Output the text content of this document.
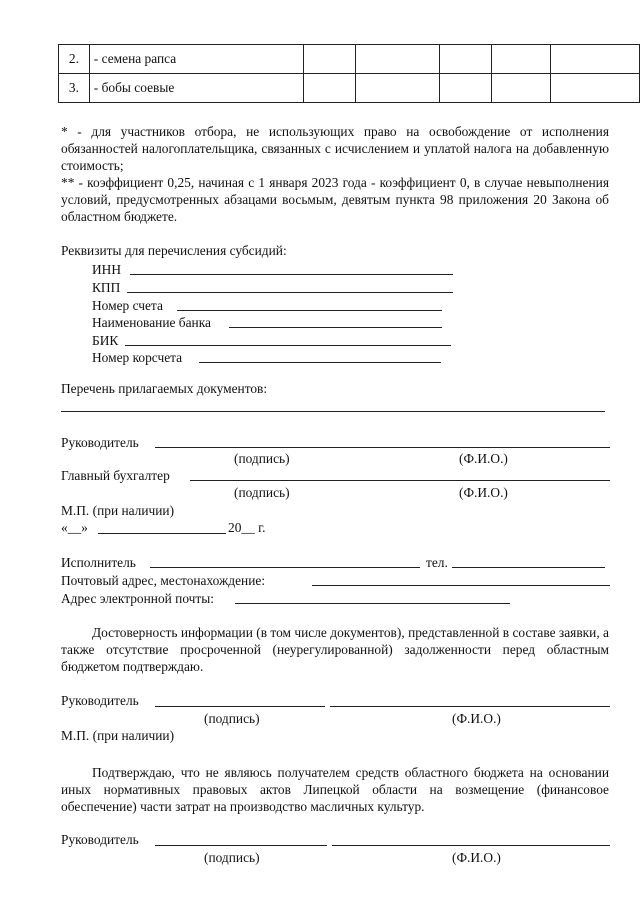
2.	- семена рапса					
3.	- бобы соевые					
* - для участников отбора, не использующих право на освобождение от исполнения обязанностей налогоплательщика, связанных с исчислением и уплатой налога на добавленную стоимость;
** - коэффициент 0,25, начиная с 1 января 2023 года - коэффициент 0, в случае невыполнения условий, предусмотренных абзацами восьмым, девятым пункта 98 приложения 20 Закона об областном бюджете.
Реквизиты для перечисления субсидий:
ИНН
КПП
Номер счета
Наименование банка
БИК
Номер корсчета
Перечень прилагаемых документов:
Руководитель
(подпись)	(Ф.И.О.)
Главный бухгалтер
(подпись)	(Ф.И.О.)
М.П. (при наличии)
«__»	20__ г.
Исполнитель	тел.
Почтовый адрес, местонахождение:
Адрес электронной почты:
Достоверность информации (в том числе документов), представленной в составе заявки, а также отсутствие просроченной (неурегулированной) задолженности перед областным бюджетом подтверждаю.
Руководитель
(подпись)	(Ф.И.О.)
М.П. (при наличии)
Подтверждаю, что не являюсь получателем средств областного бюджета на основании иных нормативных правовых актов Липецкой области на возмещение (финансовое обеспечение) части затрат на производство масличных культур.
Руководитель
(подпись)	(Ф.И.О.)
